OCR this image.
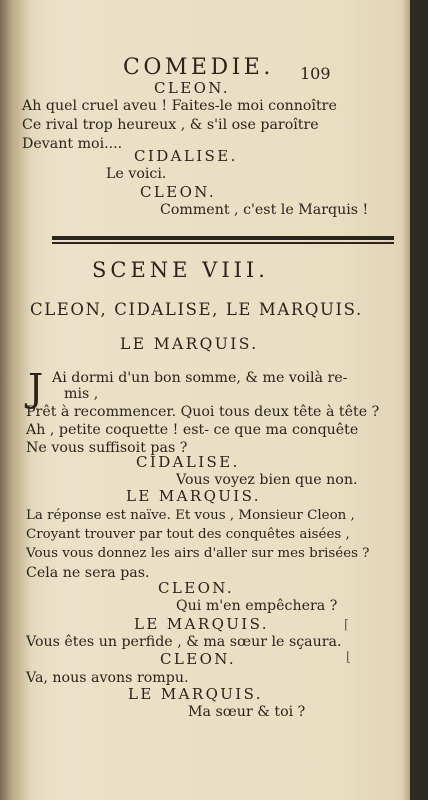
COMEDIE. 109
CLEON.
Ah quel cruel aveu ! Faites-le moi connoître
Ce rival trop heureux , & s'il ose paroître
Devant moi....
CIDALISE.
Le voici.
CLEON.
Comment , c'est le Marquis !
SCENE VIII.
CLEON, CIDALISE, LE MARQUIS.
LE MARQUIS.
J Ai dormi d'un bon somme, & me voilà re-
mis ,
Prêt à recommencer. Quoi tous deux tête à tête ?
Ah , petite coquette ! est- ce que ma conquête
Ne vous suffisoit pas ?
CIDALISE.
Vous voyez bien que non.
LE MARQUIS.
La réponse est naïve. Et vous , Monsieur Cleon ,
Croyant trouver par tout des conquêtes aisées ,
Vous vous donnez les airs d'aller sur mes brisées ?
Cela ne sera pas.
CLEON.
Qui m'en empêchera ?
LE MARQUIS.
Vous êtes un perfide , & ma sœur le sçaura.
CLEON.
Va, nous avons rompu.
LE MARQUIS.
Ma sœur & toi ?
⌈
⌊
